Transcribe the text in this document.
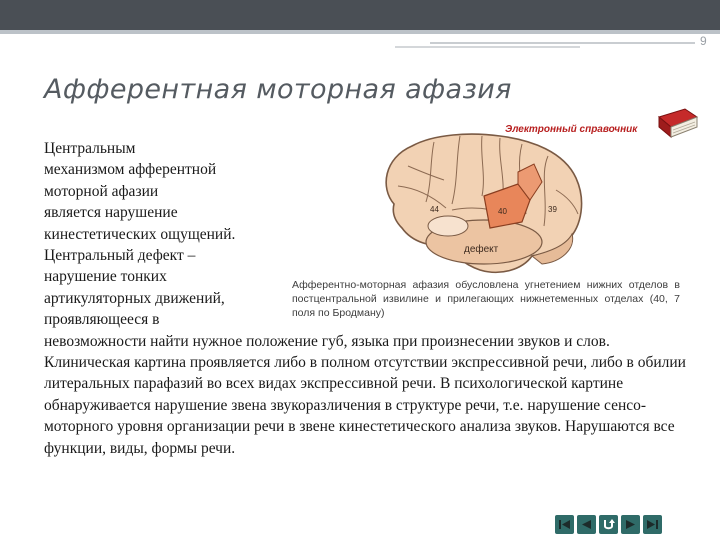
9
Афферентная моторная афазия
Электронный справочник
дефект
44	40	39
Афферентно-моторная афазия обусловлена угнетением нижних отделов в постцентральной извилине и прилегающих нижнетеменных отделах (40, 7 поля по Бродману)
Центральным
механизмом афферентной
моторной афазии
является нарушение
кинестетических ощущений.
Центральный дефект –
нарушение тонких
артикуляторных движений,
проявляющееся в
невозможности найти нужное положение губ, языка при произнесении звуков и слов. Клиническая картина проявляется либо в полном отсутствии экспрессивной речи, либо в обилии литеральных парафазий во всех видах экспрессивной речи. В психологической картине обнаруживается нарушение звена звукоразличения в структуре речи, т.е. нарушение сенсо-моторного уровня организации речи в звене кинестетического анализа звуков. Нарушаются все функции, виды, формы речи.
